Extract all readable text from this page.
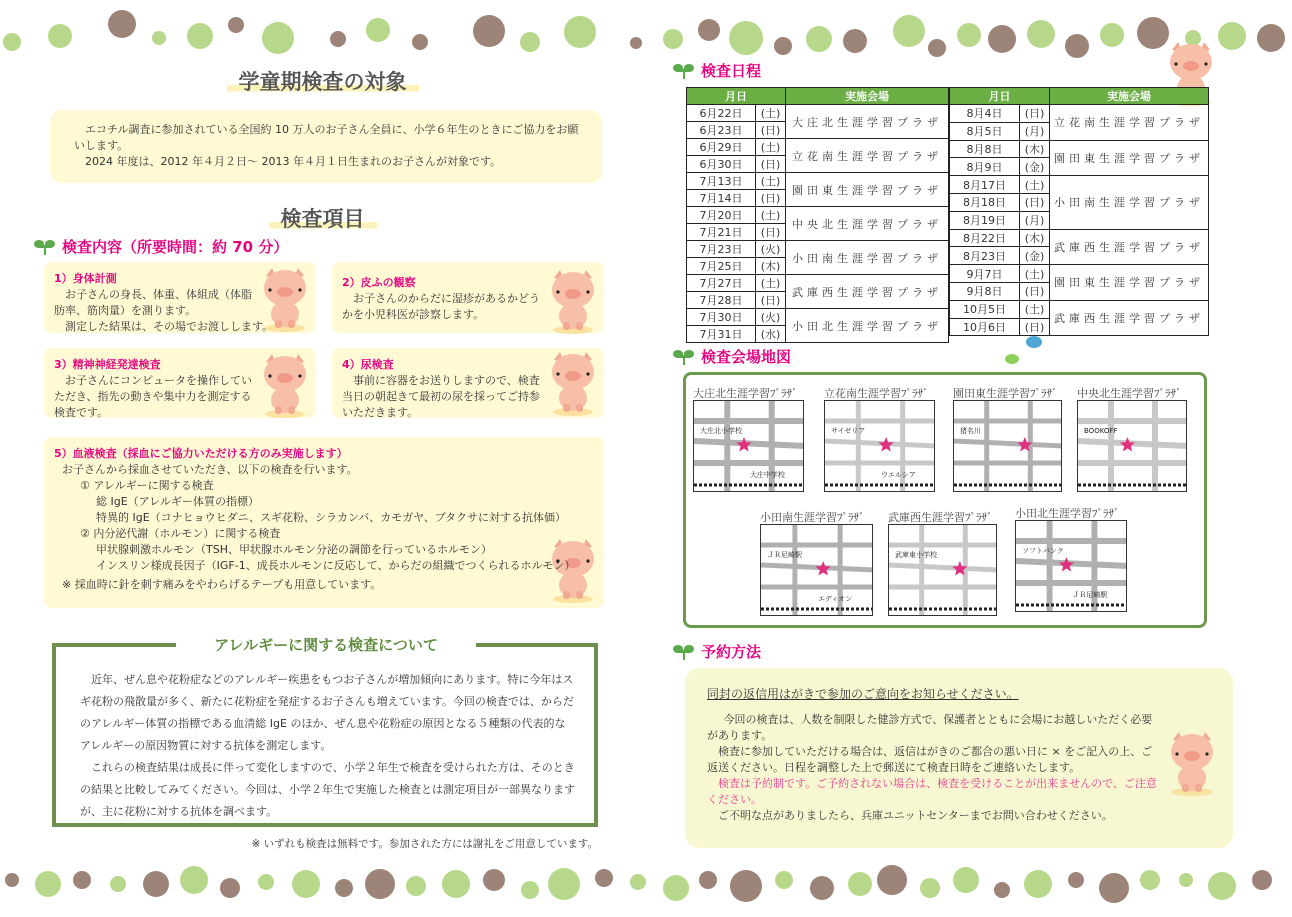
学童期検査の対象

エコチル調査に参加されている全国約 10 万人のお子さん全員に、小学６年生のときにご協力をお願いします。

2024 年度は、2012 年４月２日～ 2013 年４月１日生まれのお子さんが対象です。

検査項目
検査内容（所要時間：約 70 分）
1）身体計測

お子さんの身長、体重、体組成（体脂肪率、筋肉量）を測ります。

測定した結果は、その場でお渡しします。

2）皮ふの観察

お子さんのからだに湿疹があるかどうかを小児科医が診察します。

3）精神神経発達検査

お子さんにコンピュータを操作していただき、指先の動きや集中力を測定する検査です。

4）尿検査

事前に容器をお送りしますので、検査当日の朝起きて最初の尿を採ってご持参いただきます。

5）血液検査（採血にご協力いただける方のみ実施します）

お子さんから採血させていただき、以下の検査を行います。

① アレルギーに関する検査

総 IgE（アレルギー体質の指標）

特異的 IgE（コナヒョウヒダニ、スギ花粉、シラカンバ、カモガヤ、ブタクサに対する抗体価）

② 内分泌代謝（ホルモン）に関する検査

甲状腺刺激ホルモン（TSH、甲状腺ホルモン分泌の調節を行っているホルモン）

インスリン様成長因子（IGF-1、成長ホルモンに反応して、からだの組織でつくられるホルモン）

※ 採血時に針を刺す痛みをやわらげるテープも用意しています。

アレルギーに関する検査について

近年、ぜん息や花粉症などのアレルギー疾患をもつお子さんが増加傾向にあります。特に今年はスギ花粉の飛散量が多く、新たに花粉症を発症するお子さんも増えています。今回の検査では、からだのアレルギー体質の指標である血清総 IgE のほか、ぜん息や花粉症の原因となる５種類の代表的なアレルギーの原因物質に対する抗体を測定します。

これらの検査結果は成長に伴って変化しますので、小学２年生で検査を受けられた方は、そのときの結果と比較してみてください。今回は、小学２年生で実施した検査とは測定項目が一部異なりますが、主に花粉に対する抗体を調べます。

※ いずれも検査は無料です。参加された方には謝礼をご用意しています。
検査日程
月日		実施会場
6月22日	(土)	大庄北生涯学習プラザ
6月23日	(日)	
6月29日	(土)	立花南生涯学習プラザ
6月30日	(日)	
7月13日	(土)	園田東生涯学習プラザ
7月14日	(日)	
7月20日	(土)	中央北生涯学習プラザ
7月21日	(日)	
7月23日	(火)	小田南生涯学習プラザ
7月25日	(木)	
7月27日	(土)	武庫西生涯学習プラザ
7月28日	(日)	
7月30日	(火)	小田北生涯学習プラザ
7月31日	(水)	
月日		実施会場
8月4日	(日)	立花南生涯学習プラザ
8月5日	(月)	
8月8日	(木)	園田東生涯学習プラザ
8月9日	(金)	
8月17日	(土)	小田南生涯学習プラザ
8月18日	(日)	
8月19日	(月)	
8月22日	(木)	武庫西生涯学習プラザ
8月23日	(金)	
9月7日	(土)	園田東生涯学習プラザ
9月8日	(日)	
10月5日	(土)	武庫西生涯学習プラザ
10月6日	(日)	
検査会場地図
大庄北生涯学習ﾌﾟﾗｻﾞ
大庄北小学校
大庄中学校
立花南生涯学習ﾌﾟﾗｻﾞ
サイゼリア
ウエルシア
園田東生涯学習ﾌﾟﾗｻﾞ
猪名川
中央北生涯学習ﾌﾟﾗｻﾞ
BOOKOFF
小田南生涯学習ﾌﾟﾗｻﾞ
ＪＲ尼崎駅
エディオン
武庫西生涯学習ﾌﾟﾗｻﾞ
武庫東小学校
小田北生涯学習ﾌﾟﾗｻﾞ
ソフトバンク
ＪＲ尼崎駅
予約方法

同封の返信用はがきで参加のご意向をお知らせください。

今回の検査は、人数を制限した健診方式で、保護者とともに会場にお越しいただく必要があります。

検査に参加していただける場合は、返信はがきのご都合の悪い日に × をご記入の上、ご返送ください。日程を調整した上で郵送にて検査日時をご連絡いたします。

検査は予約制です。ご予約されない場合は、検査を受けることが出来ませんので、ご注意ください。

ご不明な点がありましたら、兵庫ユニットセンターまでお問い合わせください。
